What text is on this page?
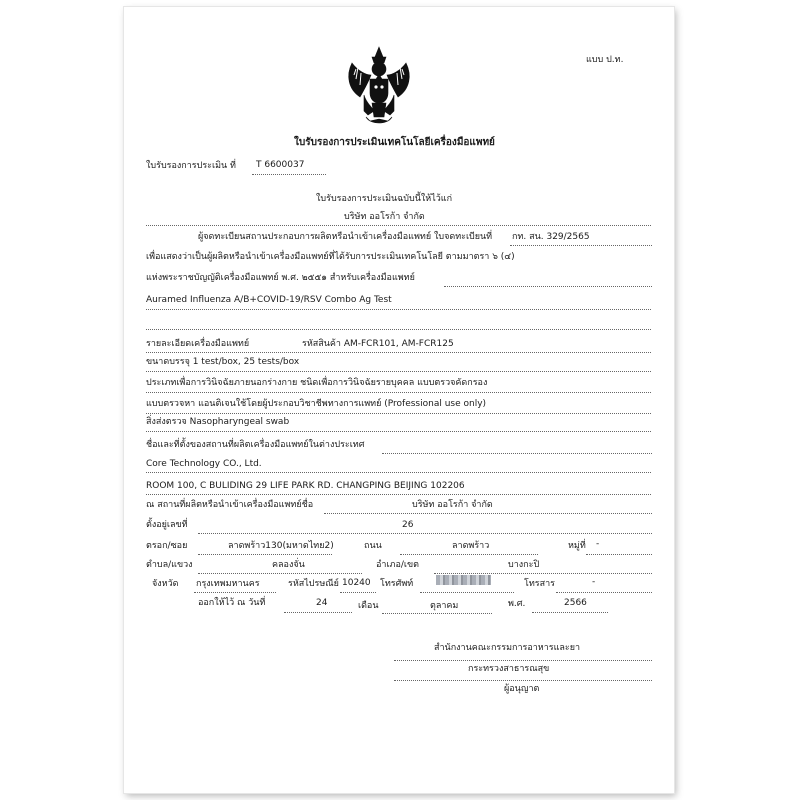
แบบ ป.ท.
ใบรับรองการประเมินเทคโนโลยีเครื่องมือแพทย์
ใบรับรองการประเมิน ที่ T 6600037
ใบรับรองการประเมินฉบับนี้ให้ไว้แก่
บริษัท ออโรก้า จำกัด
ผู้จดทะเบียนสถานประกอบการผลิตหรือนำเข้าเครื่องมือแพทย์ ใบจดทะเบียนที่ กท. สน. 329/2565
เพื่อแสดงว่าเป็นผู้ผลิตหรือนำเข้าเครื่องมือแพทย์ที่ได้รับการประเมินเทคโนโลยี ตามมาตรา ๖ (๔)
แห่งพระราชบัญญัติเครื่องมือแพทย์ พ.ศ. ๒๕๕๑ สำหรับเครื่องมือแพทย์
Auramed Influenza A/B+COVID-19/RSV Combo Ag Test
รายละเอียดเครื่องมือแพทย์	รหัสสินค้า AM-FCR101, AM-FCR125
ขนาดบรรจุ 1 test/box, 25 tests/box
ประเภทเพื่อการวินิจฉัยภายนอกร่างกาย ชนิดเพื่อการวินิจฉัยรายบุคคล แบบตรวจคัดกรอง
แบบตรวจหา แอนติเจนใช้โดยผู้ประกอบวิชาชีพทางการแพทย์ (Professional use only)
สิ่งส่งตรวจ Nasopharyngeal swab
ชื่อและที่ตั้งของสถานที่ผลิตเครื่องมือแพทย์ในต่างประเทศ
Core Technology CO., Ltd.
ROOM 100, C BULIDING 29 LIFE PARK RD. CHANGPING BEIJING 102206
ณ สถานที่ผลิตหรือนำเข้าเครื่องมือแพทย์ชื่อ	บริษัท ออโรก้า จำกัด
ตั้งอยู่เลขที่	26
ตรอก/ซอย	ลาดพร้าว130(มหาดไทย2)	ถนน	ลาดพร้าว	หมู่ที่ -
ตำบล/แขวง	คลองจั่น	อำเภอ/เขต	บางกะปิ
จังหวัด กรุงเทพมหานคร	รหัสไปรษณีย์ 10240 โทรศัพท์	โทรสาร	-
ออกให้ไว้ ณ วันที่	24	เดือน	ตุลาคม	พ.ศ.	2566
สำนักงานคณะกรรมการอาหารและยา
กระทรวงสาธารณสุข
ผู้อนุญาต
